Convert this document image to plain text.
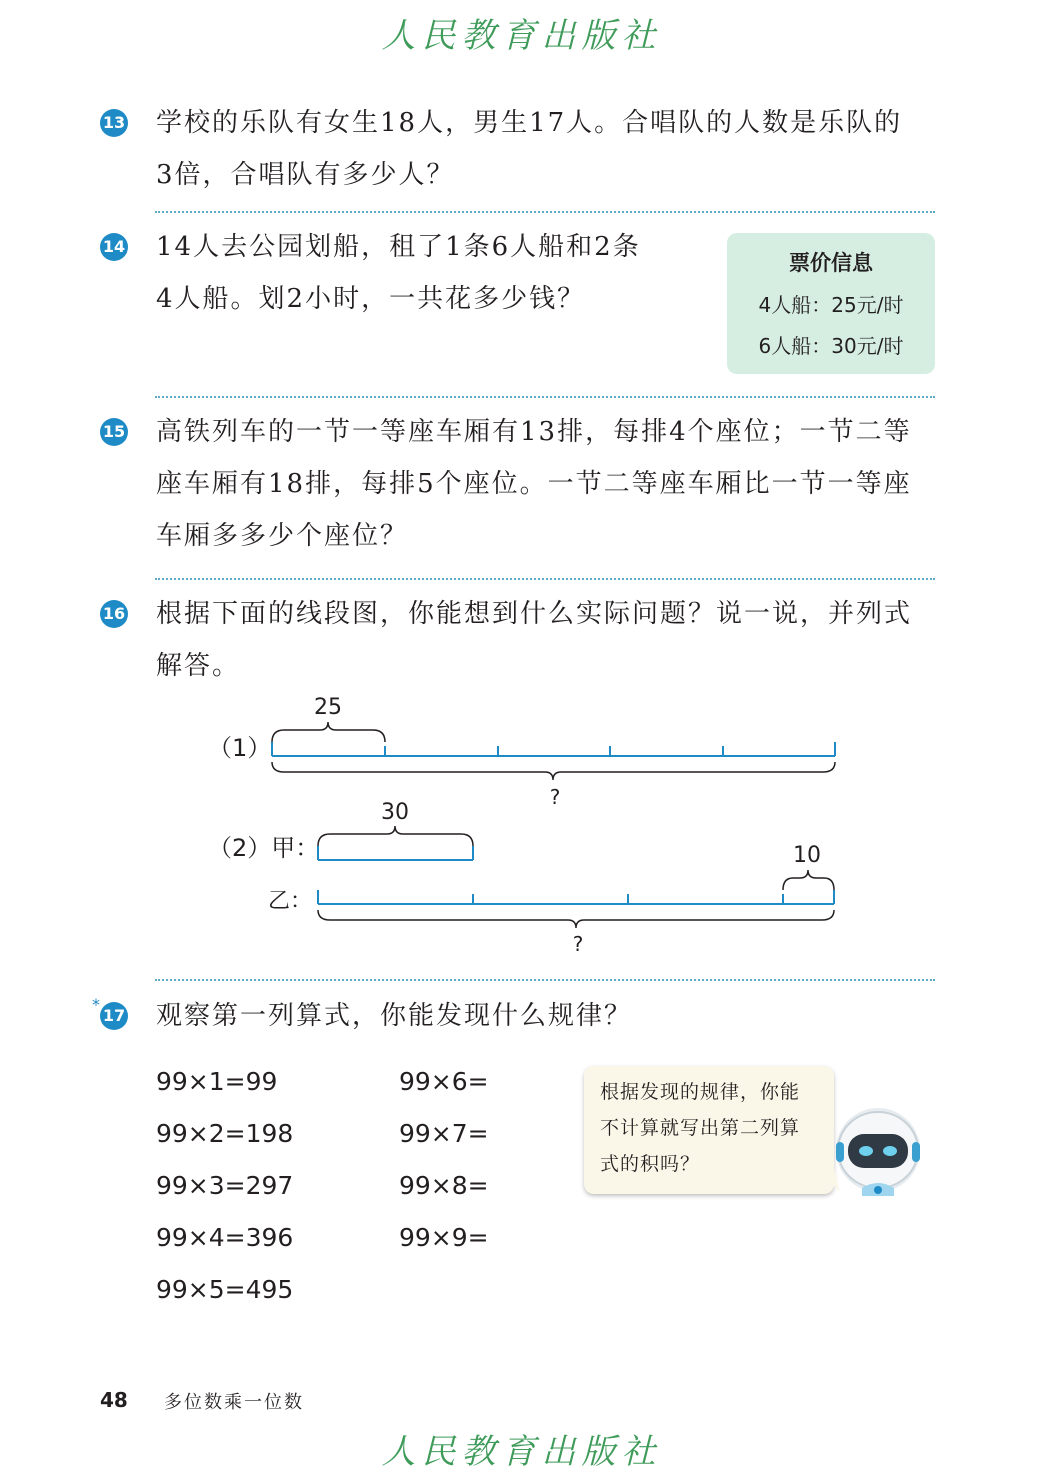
人民教育出版社
13 学校的乐队有女生18人，男生17人。合唱队的人数是乐队的

3倍，合唱队有多少人？

14 14人去公园划船，租了1条6人船和2条

4人船。划2小时，一共花多少钱？

票价信息
4人船：25元/时
6人船：30元/时
15 高铁列车的一节一等座车厢有13排，每排4个座位；一节二等

座车厢有18排，每排5个座位。一节二等座车厢比一节一等座

车厢多多少个座位？

16 根据下面的线段图，你能想到什么实际问题？说一说，并列式

解答。

（1）
25
?
（2）甲：
30
乙：
10
?
*
17 观察第一列算式，你能发现什么规律？

99×1=99

99×2=198

99×3=297

99×4=396

99×5=495

99×6=

99×7=

99×8=

99×9=

根据发现的规律，你能
不计算就写出第二列算
式的积吗？

48 多位数乘一位数
人民教育出版社
